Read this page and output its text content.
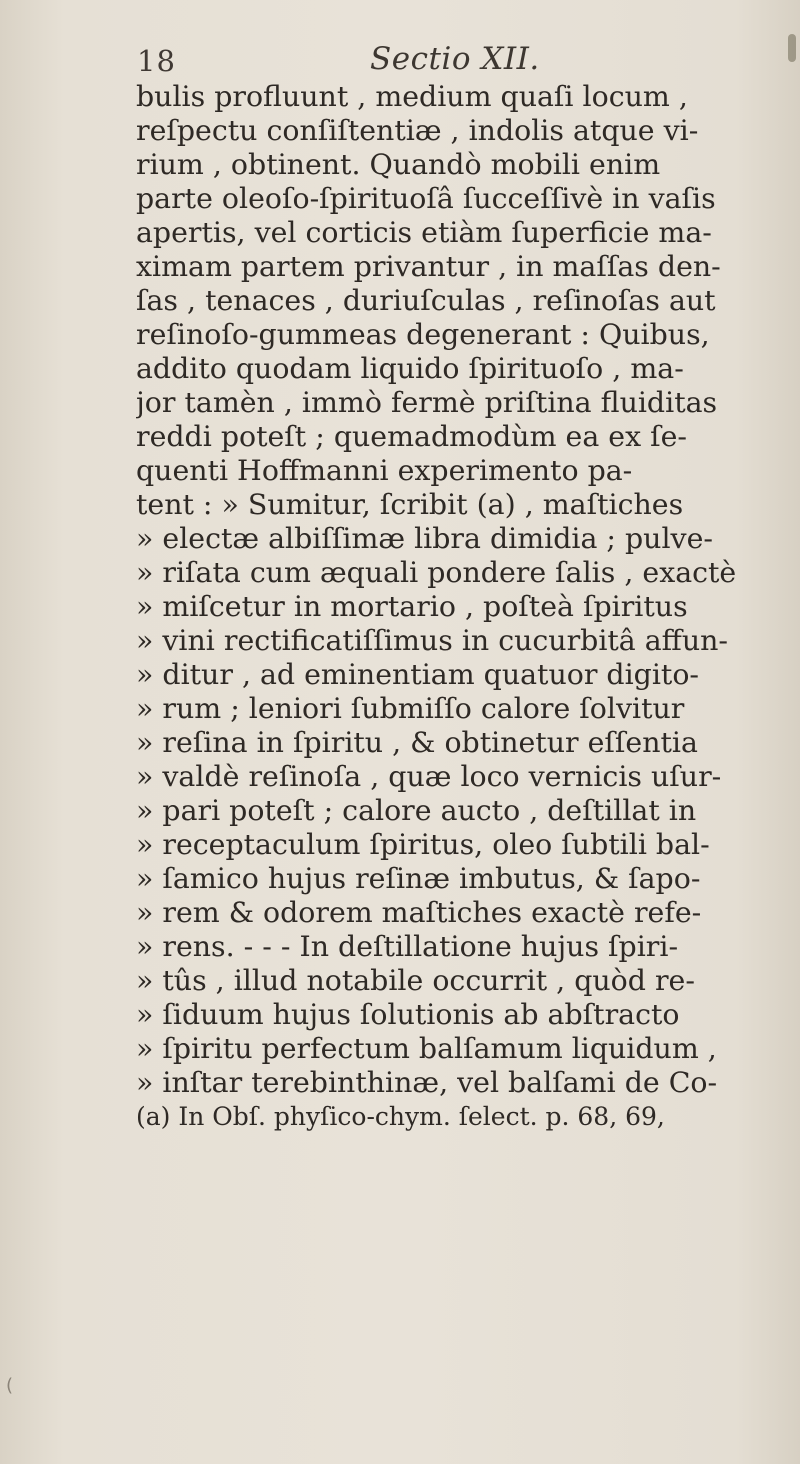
18	Sectio XII.
bulis profluunt , medium quaſi locum ,
reſpectu conſiſtentiæ , indolis atque vi-
rium , obtinent. Quandò mobili enim
parte oleoſo-ſpirituoſâ ſucceſſivè in vaſis
apertis, vel corticis etiàm ſuperficie ma-
ximam partem privantur , in maſſas den-
ſas , tenaces , duriuſculas , reſinoſas aut
reſinoſo-gummeas degenerant : Quibus,
addito quodam liquido ſpirituoſo , ma-
jor tamèn , immò fermè priſtina fluiditas
reddi poteſt ; quemadmodùm ea ex ſe-
quenti Hoffmanni experimento pa-
tent : » Sumitur, ſcribit (a) , maſtiches
» electæ albiſſimæ libra dimidia ; pulve-
» riſata cum æquali pondere ſalis , exactè
» miſcetur in mortario , poſteà ſpiritus
» vini rectificatiſſimus in cucurbitâ affun-
» ditur , ad eminentiam quatuor digito-
» rum ; leniori ſubmiſſo calore ſolvitur
» reſina in ſpiritu , & obtinetur eſſentia
» valdè reſinoſa , quæ loco vernicis uſur-
» pari poteſt ; calore aucto , deſtillat in
» receptaculum ſpiritus, oleo ſubtili bal-
» ſamico hujus reſinæ imbutus, & ſapo-
» rem & odorem maſtiches exactè refe-
» rens. - - - In deſtillatione hujus ſpiri-
» tûs , illud notabile occurrit , quòd re-
» ſiduum hujus ſolutionis ab abſtracto
» ſpiritu perfectum balſamum liquidum ,
» inſtar terebinthinæ, vel balſami de Co-
(a) In Obſ. phyſico-chym. ſelect. p. 68, 69,
(
